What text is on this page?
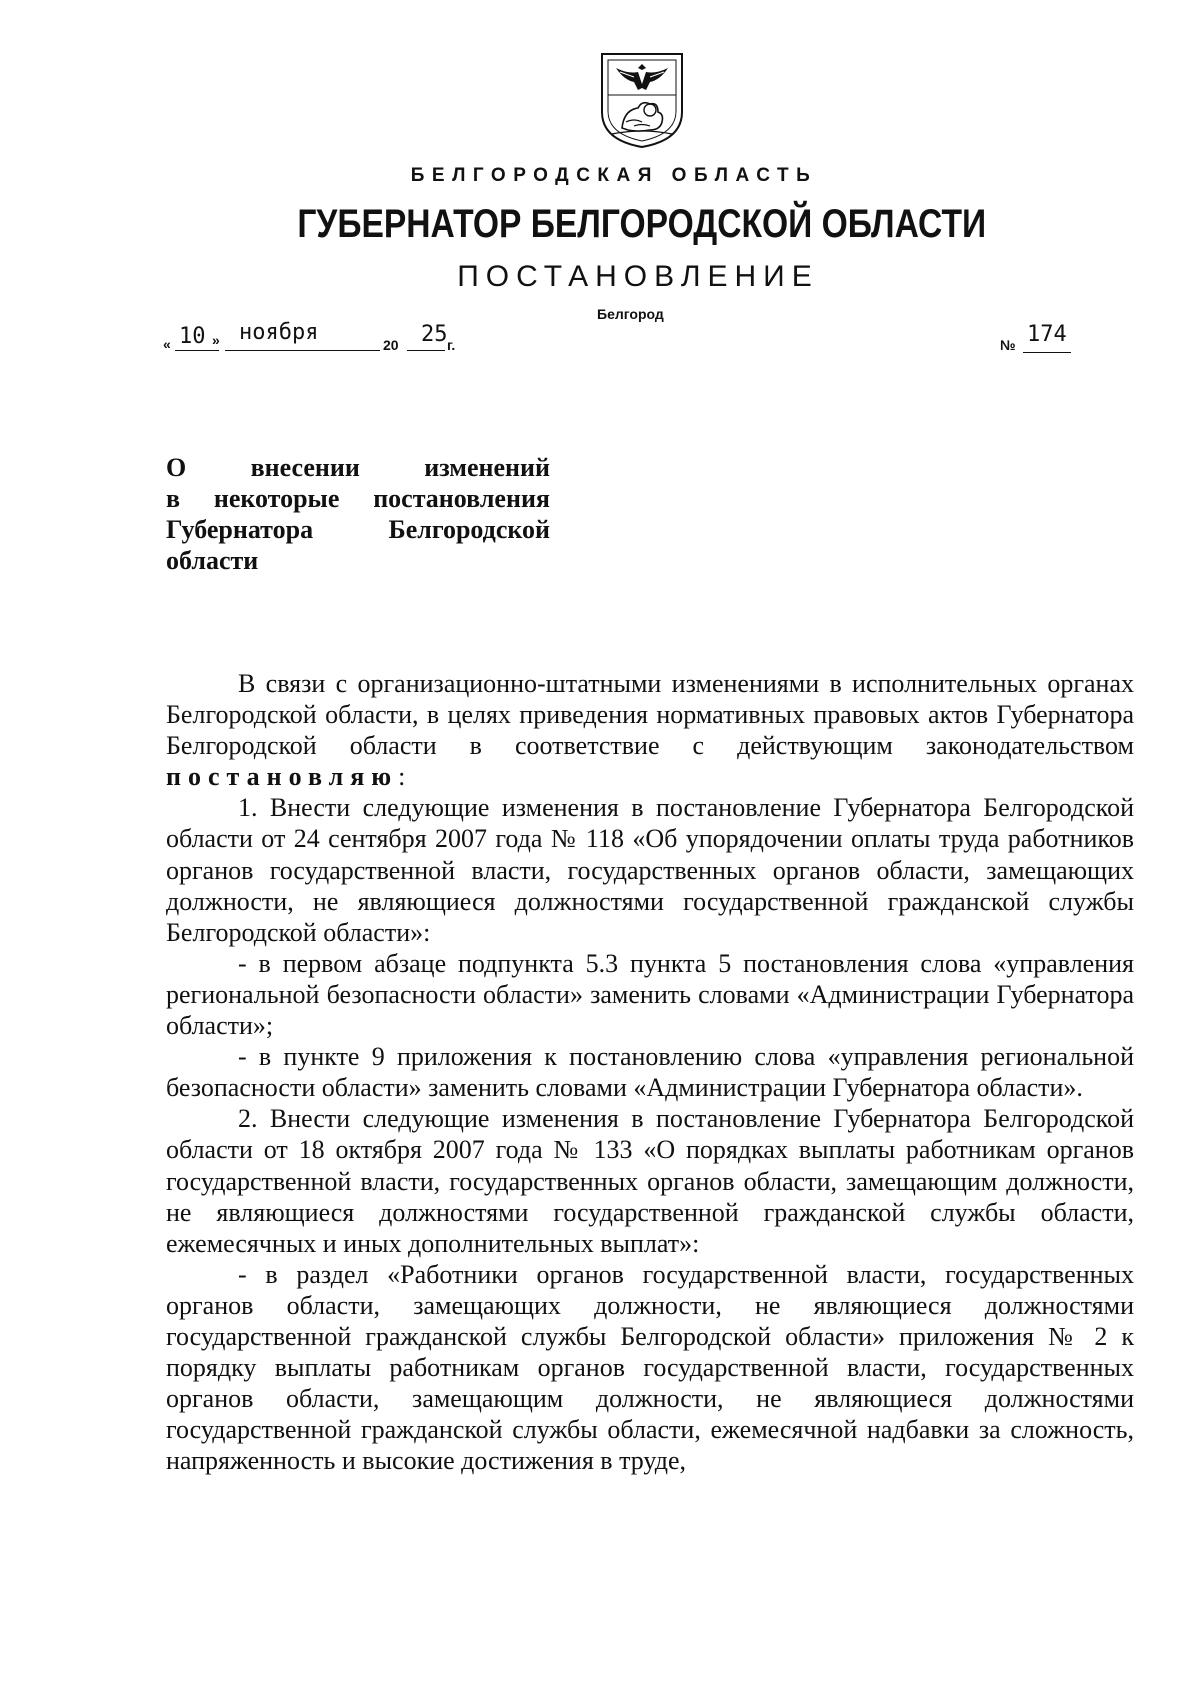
БЕЛГОРОДСКАЯ ОБЛАСТЬ
ГУБЕРНАТОР БЕЛГОРОДСКОЙ ОБЛАСТИ
ПОСТАНОВЛЕНИЕ
Белгород
« 10 » ноября	20 25 г.	№ 174
О внесении изменений
в некоторые постановления
Губернатора Белгородской
области

В связи с организационно-штатными изменениями в исполнительных органах Белгородской области, в целях приведения нормативных правовых актов Губернатора Белгородской области в соответствие с действующим законодательством постановляю:

1. Внести следующие изменения в постановление Губернатора Белгородской области от 24 сентября 2007 года № 118 «Об упорядочении оплаты труда работников органов государственной власти, государственных органов области, замещающих должности, не являющиеся должностями государственной гражданской службы Белгородской области»:

- в первом абзаце подпункта 5.3 пункта 5 постановления слова «управления региональной безопасности области» заменить словами «Администрации Губернатора области»;

- в пункте 9 приложения к постановлению слова «управления региональной безопасности области» заменить словами «Администрации Губернатора области».

2. Внести следующие изменения в постановление Губернатора Белгородской области от 18 октября 2007 года № 133 «О порядках выплаты работникам органов государственной власти, государственных органов области, замещающим должности, не являющиеся должностями государственной гражданской службы области, ежемесячных и иных дополнительных выплат»:

- в раздел «Работники органов государственной власти, государственных органов области, замещающих должности, не являющиеся должностями государственной гражданской службы Белгородской области» приложения № 2 к порядку выплаты работникам органов государственной власти, государственных органов области, замещающим должности, не являющиеся должностями государственной гражданской службы области, ежемесячной надбавки за сложность, напряженность и высокие достижения в труде,
